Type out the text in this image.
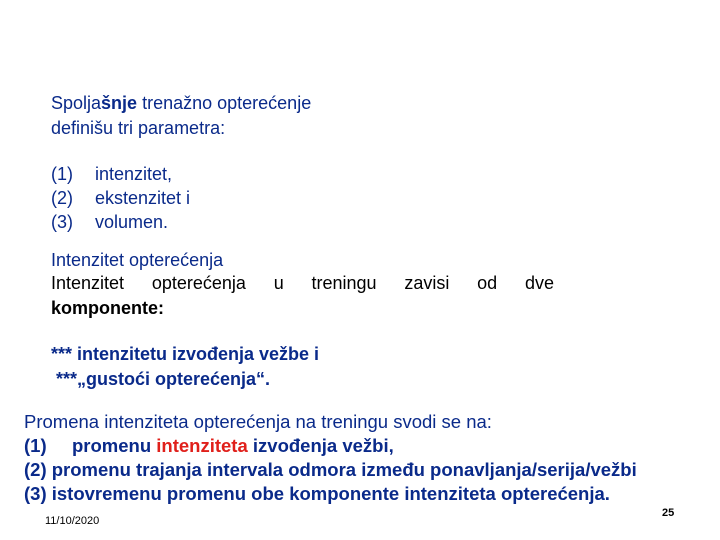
Spoljašnje trenažno opterećenje
definišu tri parametra:
(1) intenzitet,
(2) ekstenzitet i
(3) volumen.
Intenzitet opterećenja
Intenzitet opterećenja u treningu zavisi od dve
komponente:
*** intenzitetu izvođenja vežbe i
***„gustoći opterećenja“.
Promena intenziteta opterećenja na treningu svodi se na:
(1) promenu intenziteta izvođenja vežbi,
(2) promenu trajanja intervala odmora između ponavljanja/serija/vežbi
(3) istovremenu promenu obe komponente intenziteta opterećenja.
11/10/2020
25
